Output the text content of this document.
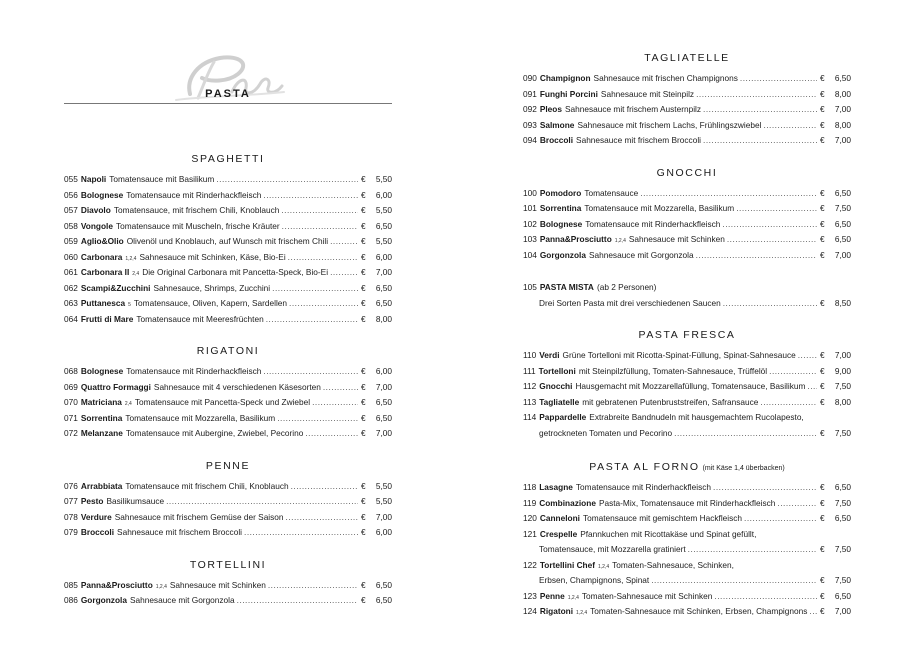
PASTA
SPAGHETTI
055 Napoli Tomatensauce mit Basilikum .....	€	5,50
056 Bolognese Tomatensauce mit Rinderhackfleisch .....	€	6,00
057 Diavolo Tomatensauce, mit frischem Chili, Knoblauch .....	€	5,50
058 Vongole Tomatensauce mit Muscheln, frische Kräuter .....	€	6,50
059 Aglio&Olio Olivenöl und Knoblauch, auf Wunsch mit frischem Chili .....	€	5,50
060 Carbonara 1,2,4 Sahnesauce mit Schinken, Käse, Bio-Ei .....	€	6,00
061 Carbonara II 2,4 Die Original Carbonara mit Pancetta-Speck, Bio-Ei .....	€	7,00
062 Scampi&Zucchini Sahnesauce, Shrimps, Zucchini .....	€	6,50
063 Puttanesca 5 Tomatensauce, Oliven, Kapern, Sardellen .....	€	6,50
064 Frutti di Mare Tomatensauce mit Meeresfrüchten .....	€	8,00
RIGATONI
068 Bolognese Tomatensauce mit Rinderhackfleisch .....	€	6,00
069 Quattro Formaggi Sahnesauce mit 4 verschiedenen Käsesorten .....	€	7,00
070 Matriciana 2,4 Tomatensauce mit Pancetta-Speck und Zwiebel .....	€	6,50
071 Sorrentina Tomatensauce mit Mozzarella, Basilikum .....	€	6,50
072 Melanzane Tomatensauce mit Aubergine, Zwiebel, Pecorino .....	€	7,00
PENNE
076 Arrabbiata Tomatensauce mit frischem Chili, Knoblauch .....	€	5,50
077 Pesto Basilikumsauce .....	€	5,50
078 Verdure Sahnesauce mit frischem Gemüse der Saison .....	€	7,00
079 Broccoli Sahnesauce mit frischem Broccoli .....	€	6,00
TORTELLINI
085 Panna&Prosciutto 1,2,4 Sahnesauce mit Schinken .....	€	6,50
086 Gorgonzola Sahnesauce mit Gorgonzola .....	€	6,50
TAGLIATELLE
090 Champignon Sahnesauce mit frischen Champignons .....	€	6,50
091 Funghi Porcini Sahnesauce mit Steinpilz .....	€	8,00
092 Pleos Sahnesauce mit frischem Austernpilz .....	€	7,00
093 Salmone Sahnesauce mit frischem Lachs, Frühlingszwiebel .....	€	8,00
094 Broccoli Sahnesauce mit frischem Broccoli .....	€	7,00
GNOCCHI
100 Pomodoro Tomatensauce .....	€	6,50
101 Sorrentina Tomatensauce mit Mozzarella, Basilikum .....	€	7,50
102 Bolognese Tomatensauce mit Rinderhackfleisch .....	€	6,50
103 Panna&Prosciutto 1,2,4 Sahnesauce mit Schinken .....	€	6,50
104 Gorgonzola Sahnesauce mit Gorgonzola .....	€	7,00
105 PASTA MISTA (ab 2 Personen)
Drei Sorten Pasta mit drei verschiedenen Saucen .....	€	8,50
PASTA FRESCA
110 Verdi Grüne Tortelloni mit Ricotta-Spinat-Füllung, Spinat-Sahnesauce .....	€	7,00
111 Tortelloni mit Steinpilzfüllung, Tomaten-Sahnesauce, Trüffelöl .....	€	9,00
112 Gnocchi Hausgemacht mit Mozzarellafüllung, Tomatensauce, Basilikum ..... €	7,50
113 Tagliatelle mit gebratenen Putenbruststreifen, Safransauce .....	€	8,00
114 Pappardelle Extrabreite Bandnudeln mit hausgemachtem Rucolapesto,
getrockneten Tomaten und Pecorino .....	€	7,50
PASTA AL FORNO (mit Käse 1,4 überbacken)
118 Lasagne Tomatensauce mit Rinderhackfleisch .....	€	6,50
119 Combinazione Pasta-Mix, Tomatensauce mit Rinderhackfleisch .....	€	7,50
120 Canneloni Tomatensauce mit gemischtem Hackfleisch .....	€	6,50
121 Crespelle Pfannkuchen mit Ricottakäse und Spinat gefüllt,
Tomatensauce, mit Mozzarella gratiniert .....	€	7,50
122 Tortellini Chef 1,2,4 Tomaten-Sahnesauce, Schinken,
Erbsen, Champignons, Spinat .....	€	7,50
123 Penne 1,2,4 Tomaten-Sahnesauce mit Schinken .....	€	6,50
124 Rigatoni 1,2,4 Tomaten-Sahnesauce mit Schinken, Erbsen, Champignons ..... €	7,00
